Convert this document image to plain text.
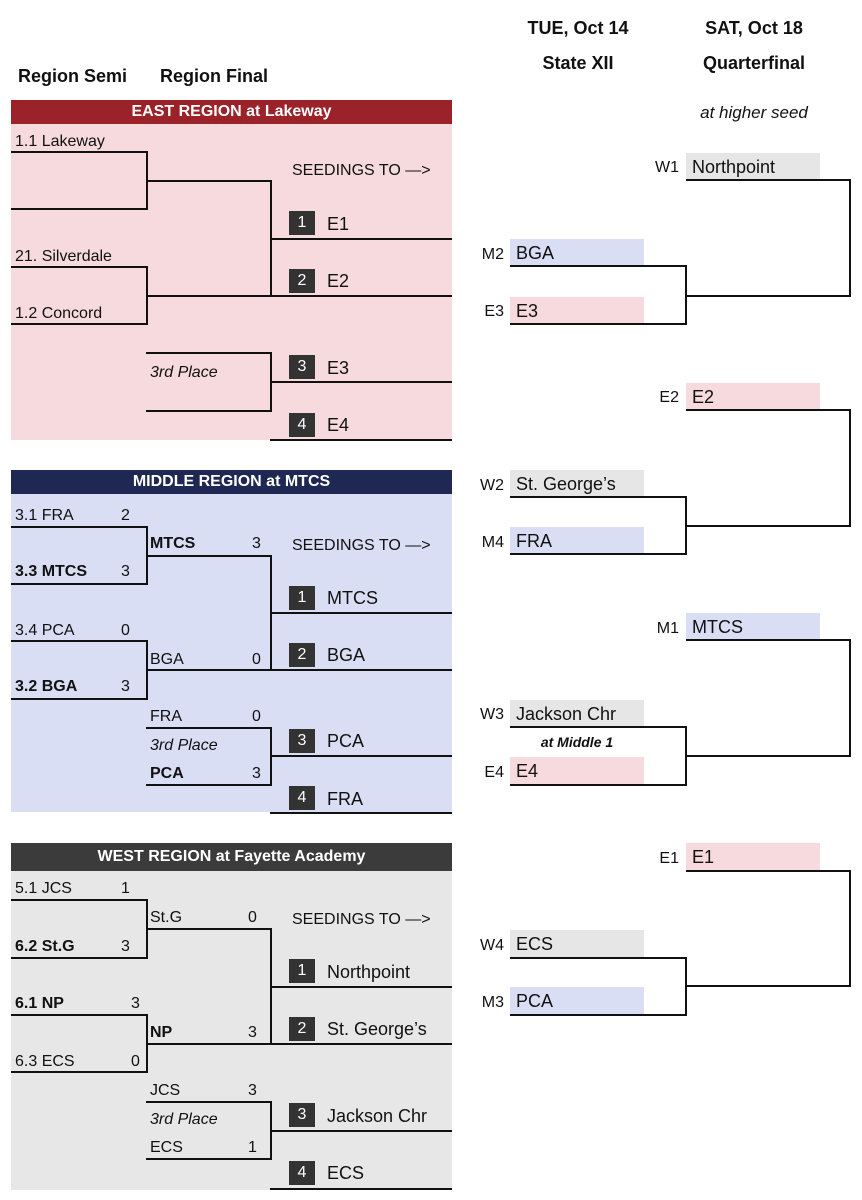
Region Semi	Region Final
TUE, Oct 14
State XII
SAT, Oct 18
Quarterfinal
at higher seed
EAST REGION at Lakeway
1.1 Lakeway
21. Silverdale
1.2 Concord
3rd Place
SEEDINGS TO —>
1	E1
2	E2
3	E3
4	E4
MIDDLE REGION at MTCS
3.1 FRA	2
3.3 MTCS 3
3.4 PCA	0
3.2 BGA	3
MTCS	3
BGA	0
FRA	0
3rd Place
PCA	3
SEEDINGS TO —>
1	MTCS
2	BGA
3	PCA
4	FRA
WEST REGION at Fayette Academy
5.1 JCS	1
6.2 St.G	3
6.1 NP	3
6.3 ECS	0
St.G	0
NP	3
JCS	3
3rd Place
ECS	1
SEEDINGS TO —>
1	Northpoint
2	St. George’s
3	Jackson Chr
4	ECS
W1 Northpoint
M2 BGA
E3 E3
E2 E2
W2 St. George’s
M4 FRA
M1 MTCS
W3 Jackson Chr
at Middle 1
E4 E4
E1 E1
W4 ECS
M3 PCA
